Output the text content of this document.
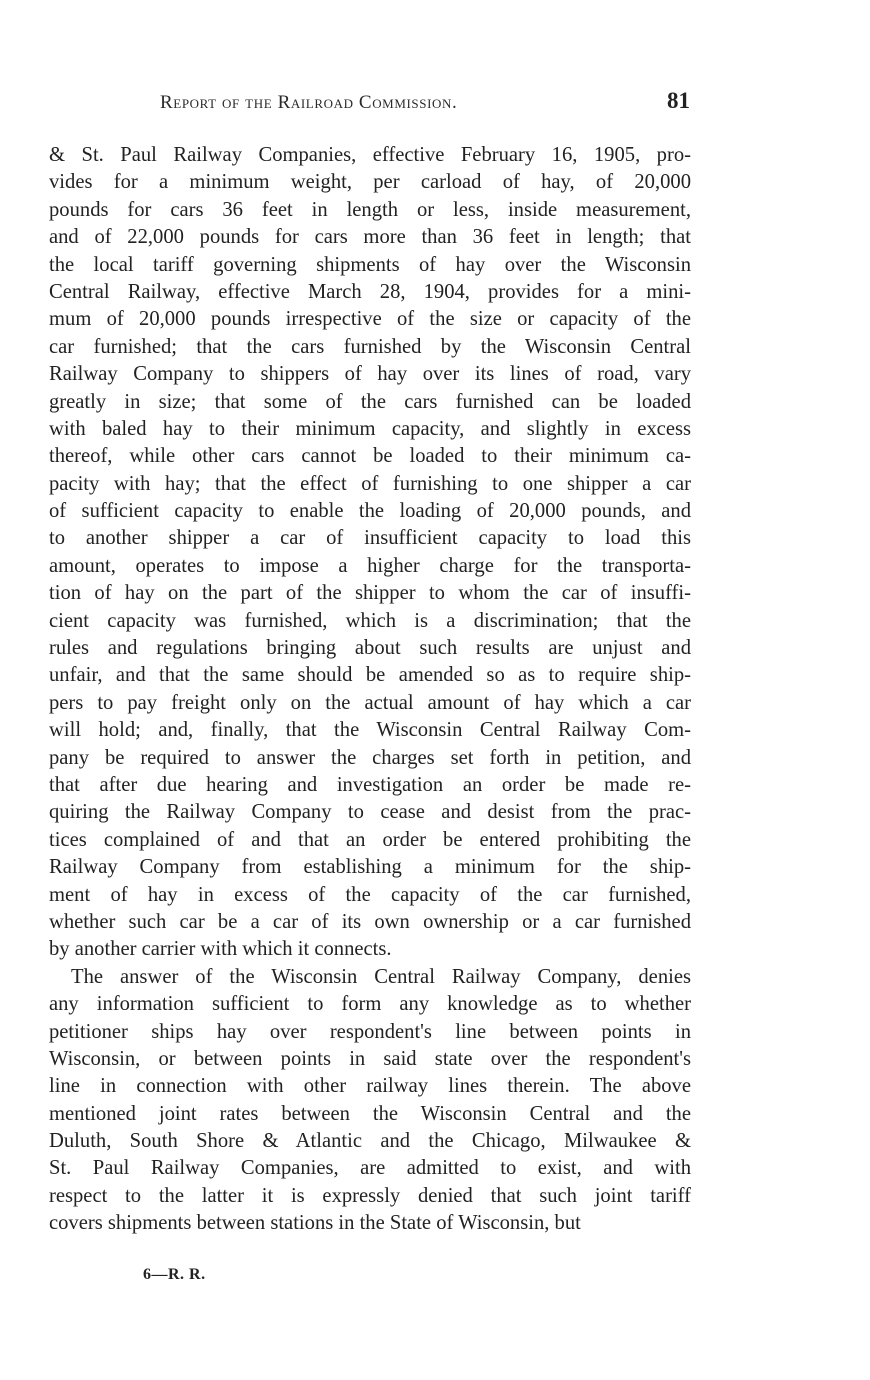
Report of the Railroad Commission.	81
& St. Paul Railway Companies, effective February 16, 1905, pro-
vides for a minimum weight, per carload of hay, of 20,000
pounds for cars 36 feet in length or less, inside measurement,
and of 22,000 pounds for cars more than 36 feet in length; that
the local tariff governing shipments of hay over the Wisconsin
Central Railway, effective March 28, 1904, provides for a mini-
mum of 20,000 pounds irrespective of the size or capacity of the
car furnished; that the cars furnished by the Wisconsin Central
Railway Company to shippers of hay over its lines of road, vary
greatly in size; that some of the cars furnished can be loaded
with baled hay to their minimum capacity, and slightly in excess
thereof, while other cars cannot be loaded to their minimum ca-
pacity with hay; that the effect of furnishing to one shipper a car
of sufficient capacity to enable the loading of 20,000 pounds, and
to another shipper a car of insufficient capacity to load this
amount, operates to impose a higher charge for the transporta-
tion of hay on the part of the shipper to whom the car of insuffi-
cient capacity was furnished, which is a discrimination; that the
rules and regulations bringing about such results are unjust and
unfair, and that the same should be amended so as to require ship-
pers to pay freight only on the actual amount of hay which a car
will hold; and, finally, that the Wisconsin Central Railway Com-
pany be required to answer the charges set forth in petition, and
that after due hearing and investigation an order be made re-
quiring the Railway Company to cease and desist from the prac-
tices complained of and that an order be entered prohibiting the
Railway Company from establishing a minimum for the ship-
ment of hay in excess of the capacity of the car furnished,
whether such car be a car of its own ownership or a car furnished
by another carrier with which it connects.
The answer of the Wisconsin Central Railway Company, denies
any information sufficient to form any knowledge as to whether
petitioner ships hay over respondent's line between points in
Wisconsin, or between points in said state over the respondent's
line in connection with other railway lines therein. The above
mentioned joint rates between the Wisconsin Central and the
Duluth, South Shore & Atlantic and the Chicago, Milwaukee &
St. Paul Railway Companies, are admitted to exist, and with
respect to the latter it is expressly denied that such joint tariff
covers shipments between stations in the State of Wisconsin, but
6—R. R.
